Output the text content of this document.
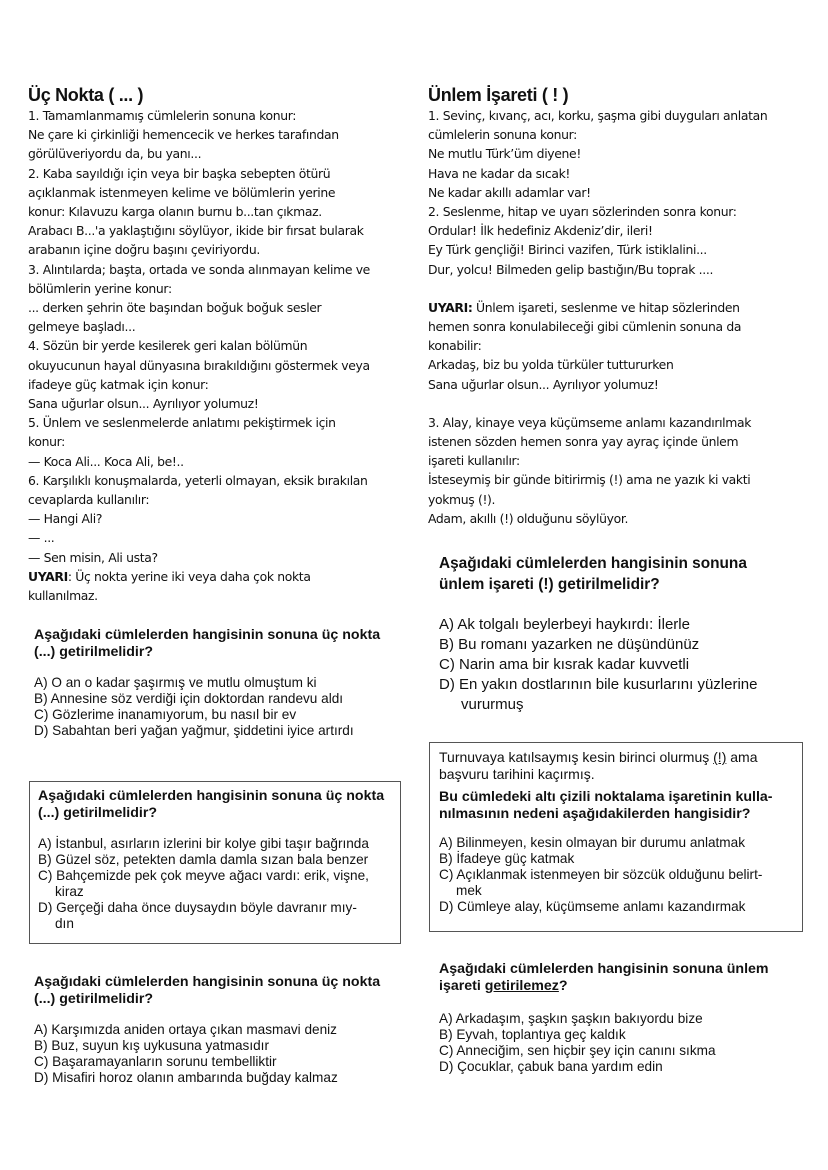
Üç Nokta ( ... )
1. Tamamlanmamış cümlelerin sonuna konur:
Ne çare ki çirkinliği hemencecik ve herkes tarafından
görülüveriyordu da, bu yanı...
2. Kaba sayıldığı için veya bir başka sebepten ötürü
açıklanmak istenmeyen kelime ve bölümlerin yerine
konur: Kılavuzu karga olanın burnu b...tan çıkmaz.
Arabacı B...'a yaklaştığını söylüyor, ikide bir fırsat bularak
arabanın içine doğru başını çeviriyordu.
3. Alıntılarda; başta, ortada ve sonda alınmayan kelime ve
bölümlerin yerine konur:
... derken şehrin öte başından boğuk boğuk sesler
gelmeye başladı...
4. Sözün bir yerde kesilerek geri kalan bölümün
okuyucunun hayal dünyasına bırakıldığını göstermek veya
ifadeye güç katmak için konur:
Sana uğurlar olsun... Ayrılıyor yolumuz!
5. Ünlem ve seslenmelerde anlatımı pekiştirmek için
konur:
— Koca Ali... Koca Ali, be!..
6. Karşılıklı konuşmalarda, yeterli olmayan, eksik bırakılan
cevaplarda kullanılır:
— Hangi Ali?
— ...
— Sen misin, Ali usta?
UYARI: Üç nokta yerine iki veya daha çok nokta
kullanılmaz.
Aşağıdaki cümlelerden hangisinin sonuna üç nokta
(...) getirilmelidir?
A) O an o kadar şaşırmış ve mutlu olmuştum ki
B) Annesine söz verdiği için doktordan randevu aldı
C) Gözlerime inanamıyorum, bu nasıl bir ev
D) Sabahtan beri yağan yağmur, şiddetini iyice artırdı
Aşağıdaki cümlelerden hangisinin sonuna üç nokta
(...) getirilmelidir?
A) İstanbul, asırların izlerini bir kolye gibi taşır bağrında
B) Güzel söz, petekten damla damla sızan bala benzer
C) Bahçemizde pek çok meyve ağacı vardı: erik, vişne,
kiraz
D) Gerçeği daha önce duysaydın böyle davranır mıy-
dın
Aşağıdaki cümlelerden hangisinin sonuna üç nokta
(...) getirilmelidir?
A) Karşımızda aniden ortaya çıkan masmavi deniz
B) Buz, suyun kış uykusuna yatmasıdır
C) Başaramayanların sorunu tembelliktir
D) Misafiri horoz olanın ambarında buğday kalmaz
Ünlem İşareti ( ! )
1. Sevinç, kıvanç, acı, korku, şaşma gibi duyguları anlatan
cümlelerin sonuna konur:
Ne mutlu Türk’üm diyene!
Hava ne kadar da sıcak!
Ne kadar akıllı adamlar var!
2. Seslenme, hitap ve uyarı sözlerinden sonra konur:
Ordular! İlk hedefiniz Akdeniz’dir, ileri!
Ey Türk gençliği! Birinci vazifen, Türk istiklalini...
Dur, yolcu! Bilmeden gelip bastığın/Bu toprak ....
UYARI: Ünlem işareti, seslenme ve hitap sözlerinden
hemen sonra konulabileceği gibi cümlenin sonuna da
konabilir:
Arkadaş, biz bu yolda türküler tuttururken
Sana uğurlar olsun... Ayrılıyor yolumuz!
3. Alay, kinaye veya küçümseme anlamı kazandırılmak
istenen sözden hemen sonra yay ayraç içinde ünlem
işareti kullanılır:
İsteseymiş bir günde bitirirmiş (!) ama ne yazık ki vakti
yokmuş (!).
Adam, akıllı (!) olduğunu söylüyor.
Aşağıdaki cümlelerden hangisinin sonuna
ünlem işareti (!) getirilmelidir?
A) Ak tolgalı beylerbeyi haykırdı: İlerle
B) Bu romanı yazarken ne düşündünüz
C) Narin ama bir kısrak kadar kuvvetli
D) En yakın dostlarının bile kusurlarını yüzlerine
vururmuş
Turnuvaya katılsaymış kesin birinci olurmuş (!) ama
başvuru tarihini kaçırmış.
Bu cümledeki altı çizili noktalama işaretinin kulla-
nılmasının nedeni aşağıdakilerden hangisidir?
A) Bilinmeyen, kesin olmayan bir durumu anlatmak
B) İfadeye güç katmak
C) Açıklanmak istenmeyen bir sözcük olduğunu belirt-
mek
D) Cümleye alay, küçümseme anlamı kazandırmak
Aşağıdaki cümlelerden hangisinin sonuna ünlem
işareti getirilemez?
A) Arkadaşım, şaşkın şaşkın bakıyordu bize
B) Eyvah, toplantıya geç kaldık
C) Anneciğim, sen hiçbir şey için canını sıkma
D) Çocuklar, çabuk bana yardım edin
